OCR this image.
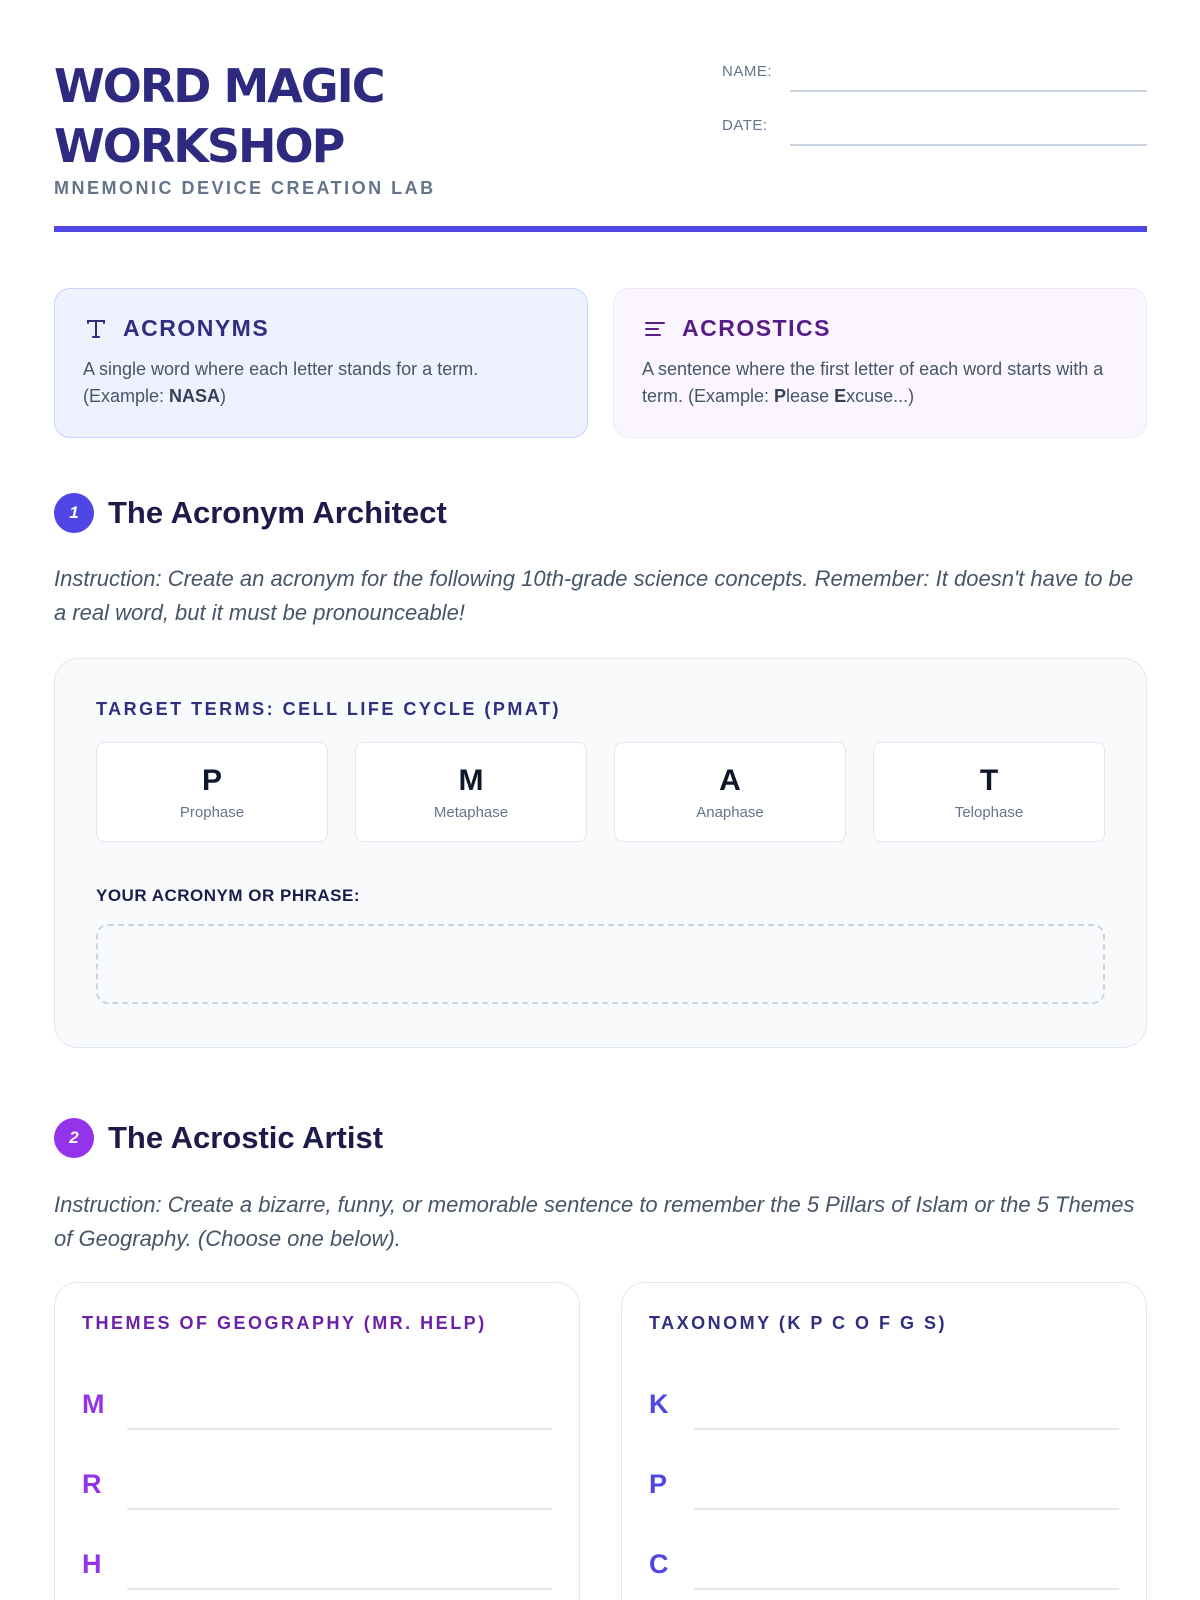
WORD MAGIC
WORKSHOP
MNEMONIC DEVICE CREATION LAB
NAME:
DATE:
ACRONYMS
A single word where each letter stands for a term. (Example: NASA)
ACROSTICS
A sentence where the first letter of each word starts with a term. (Example: Please Excuse...)
1 The Acronym Architect
Instruction: Create an acronym for the following 10th-grade science concepts. Remember: It doesn't have to be a real word, but it must be pronounceable!
TARGET TERMS: CELL LIFE CYCLE (PMAT)
P
Prophase
M
Metaphase
A
Anaphase
T
Telophase
YOUR ACRONYM OR PHRASE:
2 The Acrostic Artist
Instruction: Create a bizarre, funny, or memorable sentence to remember the 5 Pillars of Islam or the 5 Themes of Geography. (Choose one below).
THEMES OF GEOGRAPHY (MR. HELP)
M
R
H
TAXONOMY (K P C O F G S)
K
P
C
